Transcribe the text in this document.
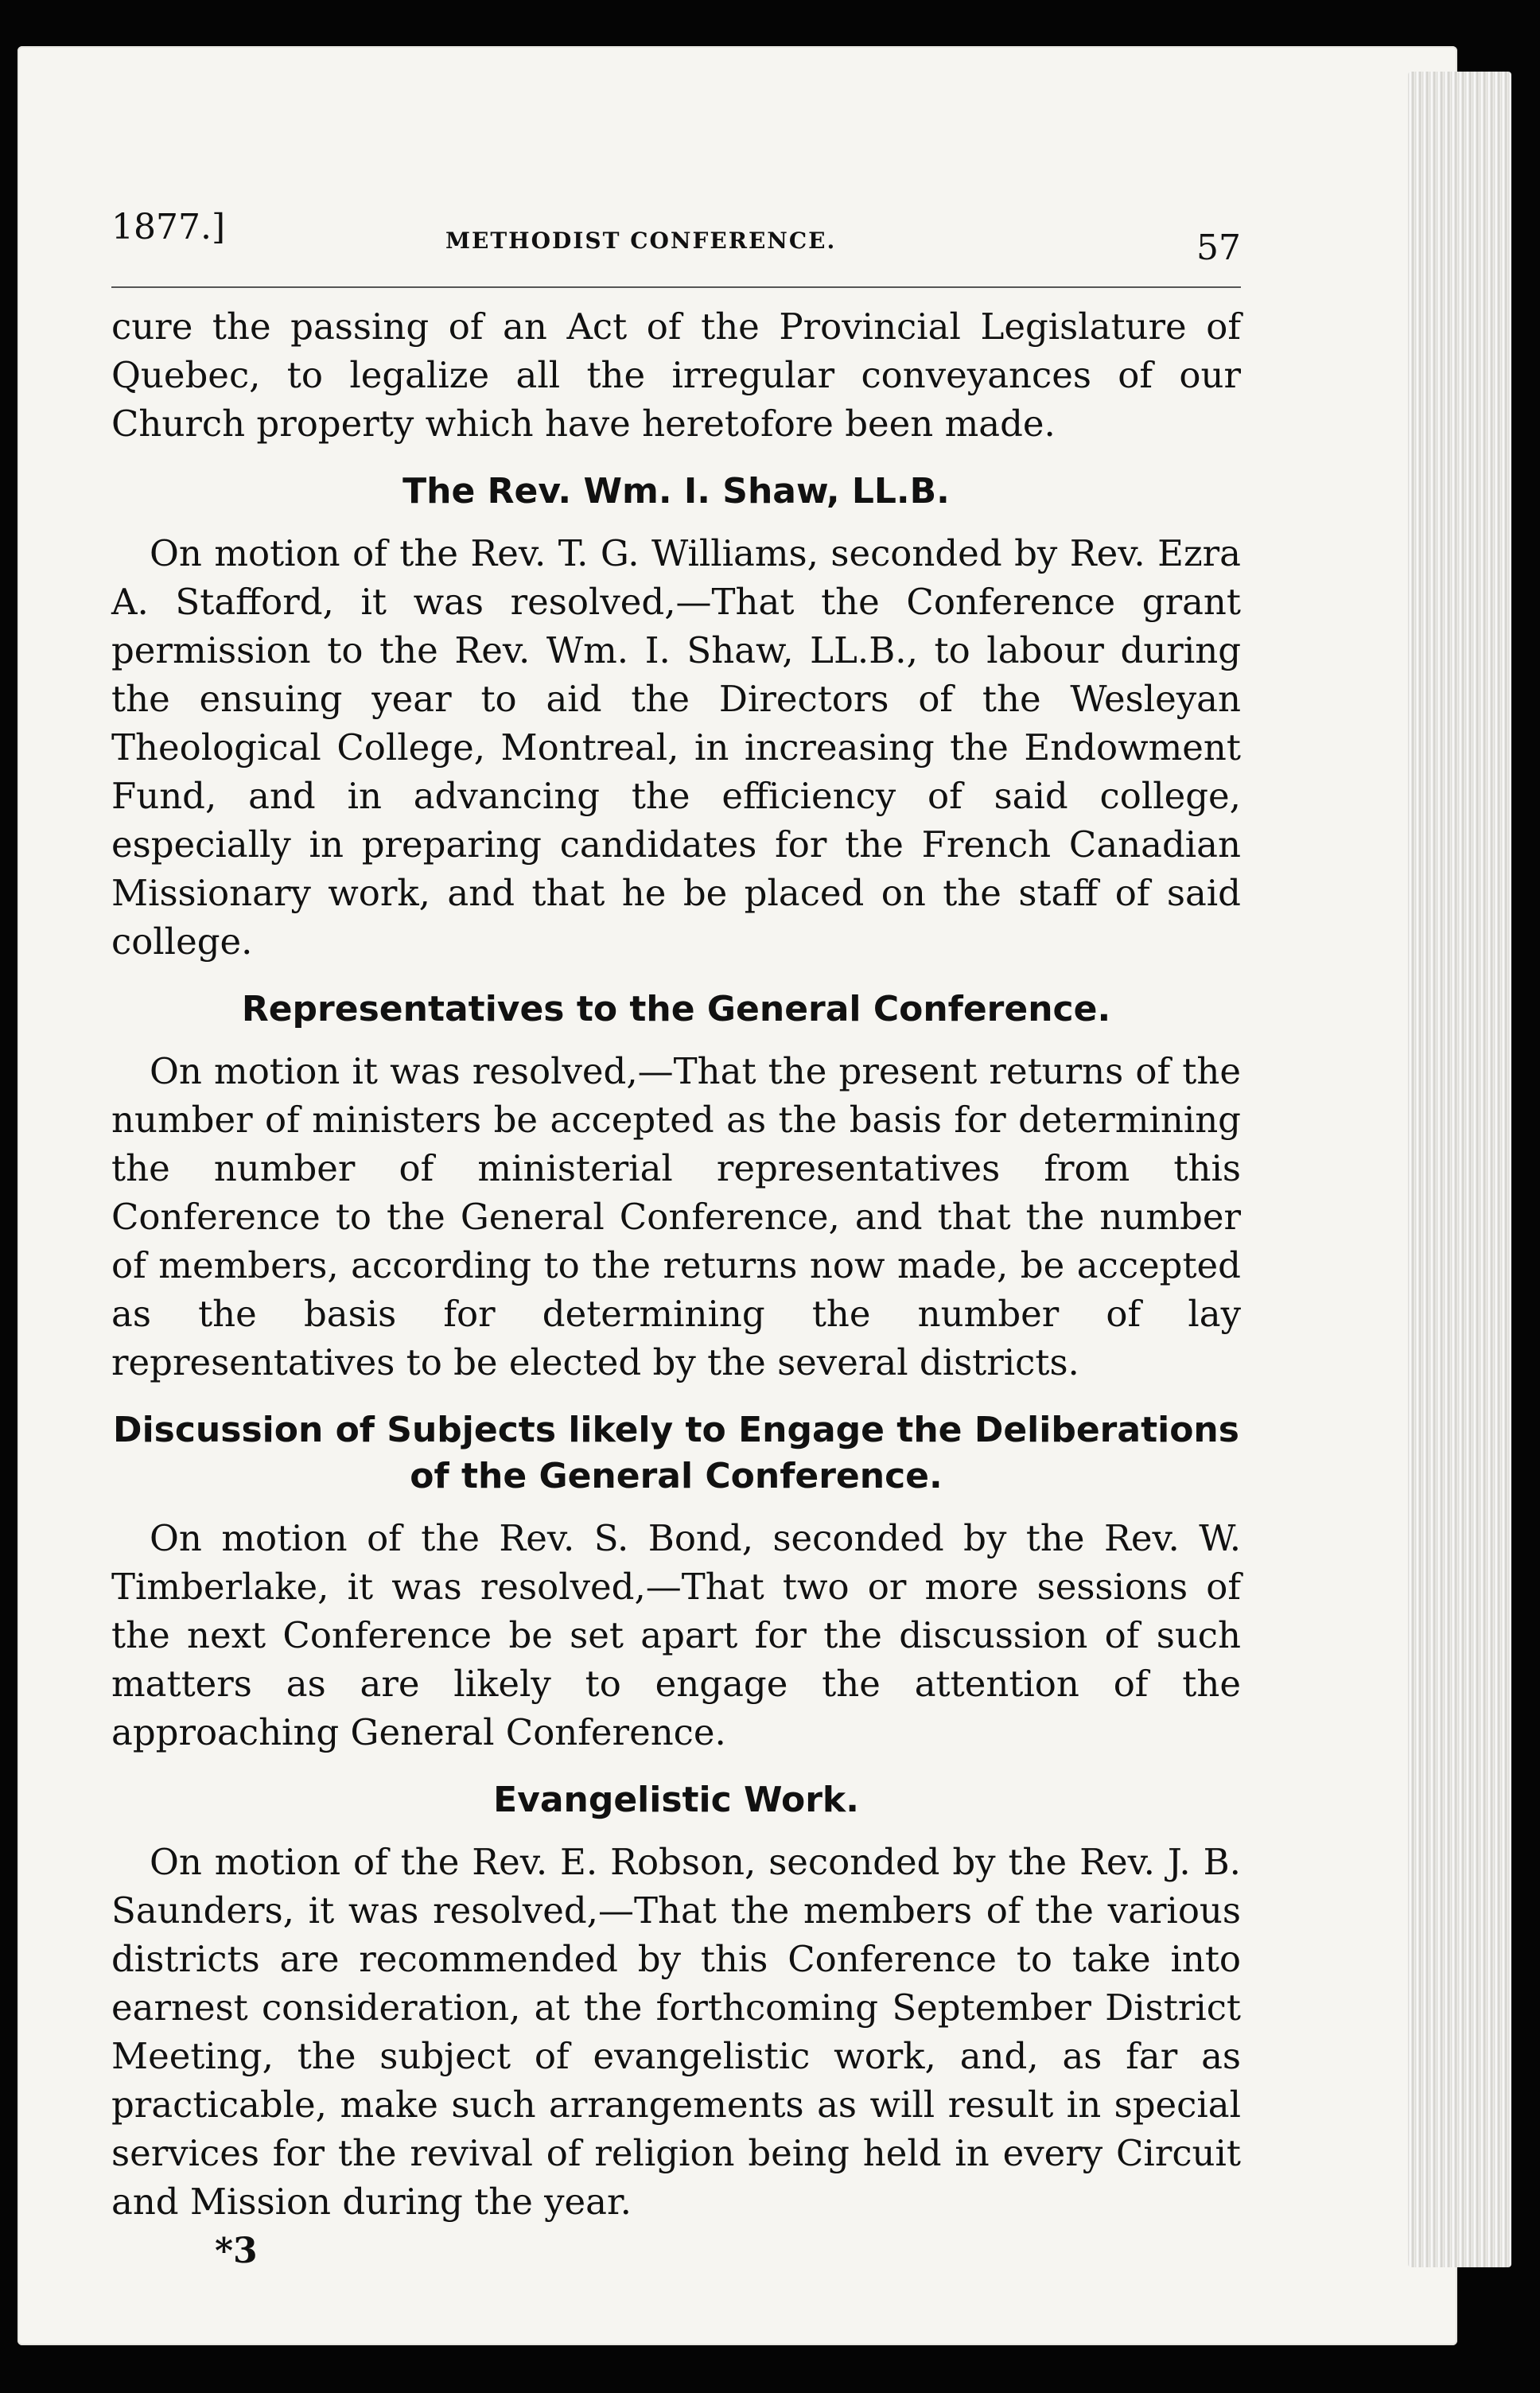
1877.]	METHODIST CONFERENCE.	57

cure the passing of an Act of the Provincial Legislature of Quebec, to legalize all the irregular conveyances of our Church property which have heretofore been made.

The Rev. Wm. I. Shaw, LL.B.

On motion of the Rev. T. G. Williams, seconded by Rev. Ezra A. Stafford, it was resolved,—That the Conference grant permission to the Rev. Wm. I. Shaw, LL.B., to labour during the ensuing year to aid the Directors of the Wesleyan Theological College, Montreal, in increasing the Endowment Fund, and in advancing the efficiency of said college, especially in preparing candidates for the French Canadian Missionary work, and that he be placed on the staff of said college.

Representatives to the General Conference.

On motion it was resolved,—That the present returns of the number of ministers be accepted as the basis for determining the number of ministerial representatives from this Conference to the General Conference, and that the number of members, according to the returns now made, be accepted as the basis for determining the number of lay representatives to be elected by the several districts.

Discussion of Subjects likely to Engage the Deliberations
of the General Conference.

On motion of the Rev. S. Bond, seconded by the Rev. W. Timberlake, it was resolved,—That two or more sessions of the next Conference be set apart for the discussion of such matters as are likely to engage the attention of the approaching General Conference.

Evangelistic Work.

On motion of the Rev. E. Robson, seconded by the Rev. J. B. Saunders, it was resolved,—That the members of the various districts are recommended by this Conference to take into earnest consideration, at the forthcoming September District Meeting, the subject of evangelistic work, and, as far as practicable, make such arrangements as will result in special services for the revival of religion being held in every Circuit and Mission during the year.

*3
